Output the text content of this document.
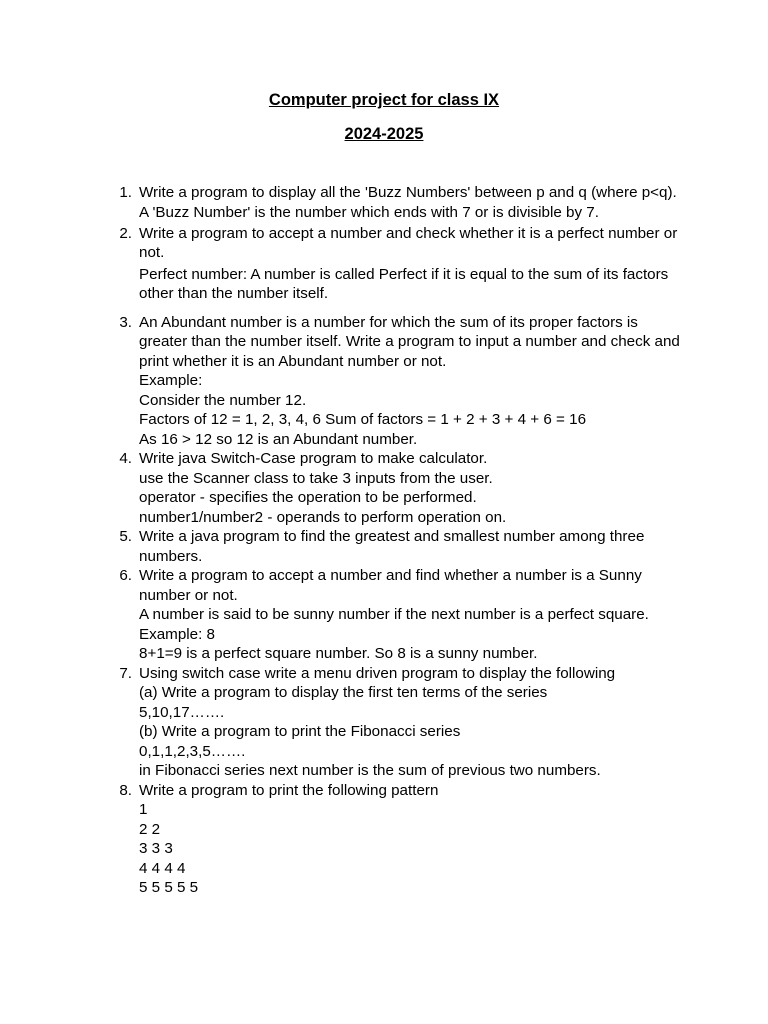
Computer project for class IX
2024-2025
1. Write a program to display all the 'Buzz Numbers' between p and q (where p<q).
A 'Buzz Number' is the number which ends with 7 or is divisible by 7.
2. Write a program to accept a number and check whether it is a perfect number or
not.
Perfect number: A number is called Perfect if it is equal to the sum of its factors
other than the number itself.
3. An Abundant number is a number for which the sum of its proper factors is
greater than the number itself. Write a program to input a number and check and
print whether it is an Abundant number or not.
Example:
Consider the number 12.
Factors of 12 = 1, 2, 3, 4, 6 Sum of factors = 1 + 2 + 3 + 4 + 6 = 16
As 16 > 12 so 12 is an Abundant number.
4. Write java Switch-Case program to make calculator.
use the Scanner class to take 3 inputs from the user.
operator - specifies the operation to be performed.
number1/number2 - operands to perform operation on.
5. Write a java program to find the greatest and smallest number among three
numbers.
6. Write a program to accept a number and find whether a number is a Sunny
number or not.
A number is said to be sunny number if the next number is a perfect square.
Example: 8
8+1=9 is a perfect square number. So 8 is a sunny number.
7. Using switch case write a menu driven program to display the following
(a) Write a program to display the first ten terms of the series
5,10,17…….
(b) Write a program to print the Fibonacci series
0,1,1,2,3,5…….
in Fibonacci series next number is the sum of previous two numbers.
8. Write a program to print the following pattern
1
2 2
3 3 3
4 4 4 4
5 5 5 5 5
